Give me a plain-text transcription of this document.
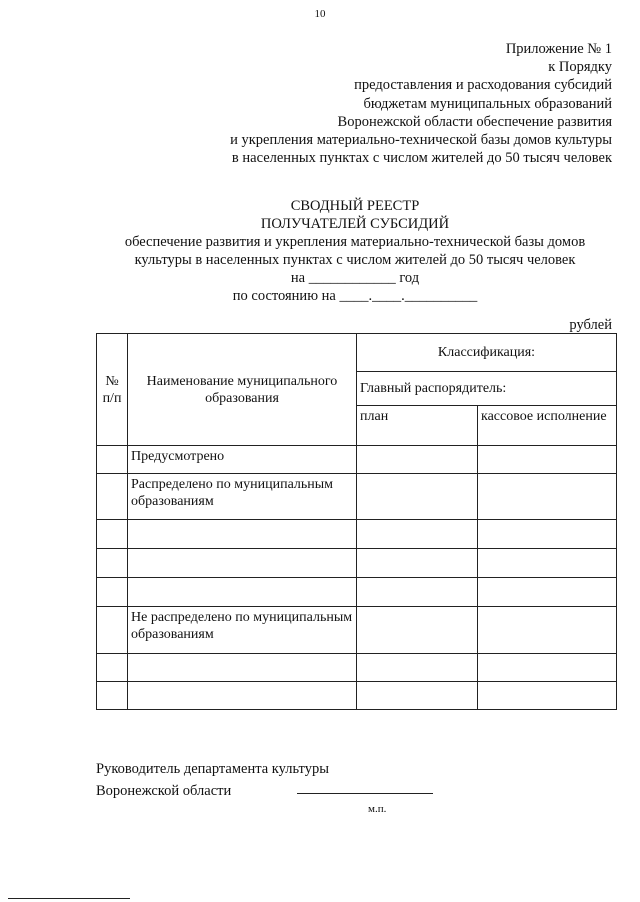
10
Приложение № 1
к Порядку
предоставления и расходования субсидий
бюджетам муниципальных образований
Воронежской области обеспечение развития
и укрепления материально-технической базы домов культуры
в населенных пунктах с числом жителей до 50 тысяч человек
СВОДНЫЙ РЕЕСТР
ПОЛУЧАТЕЛЕЙ СУБСИДИЙ
обеспечение развития и укрепления материально-технической базы домов
культуры в населенных пунктах с числом жителей до 50 тысяч человек
на ____________ год
по состоянию на ____.____.__________
рублей
№ п/п	Наименование муниципального образования	Классификация:	
		Главный распорядитель:	
		план	кассовое исполнение
	Предусмотрено		
	Распределено по муниципальным образованиям		

	Не распределено по муниципальным образованиям		

Руководитель департамента культуры
Воронежской области
м.п.
